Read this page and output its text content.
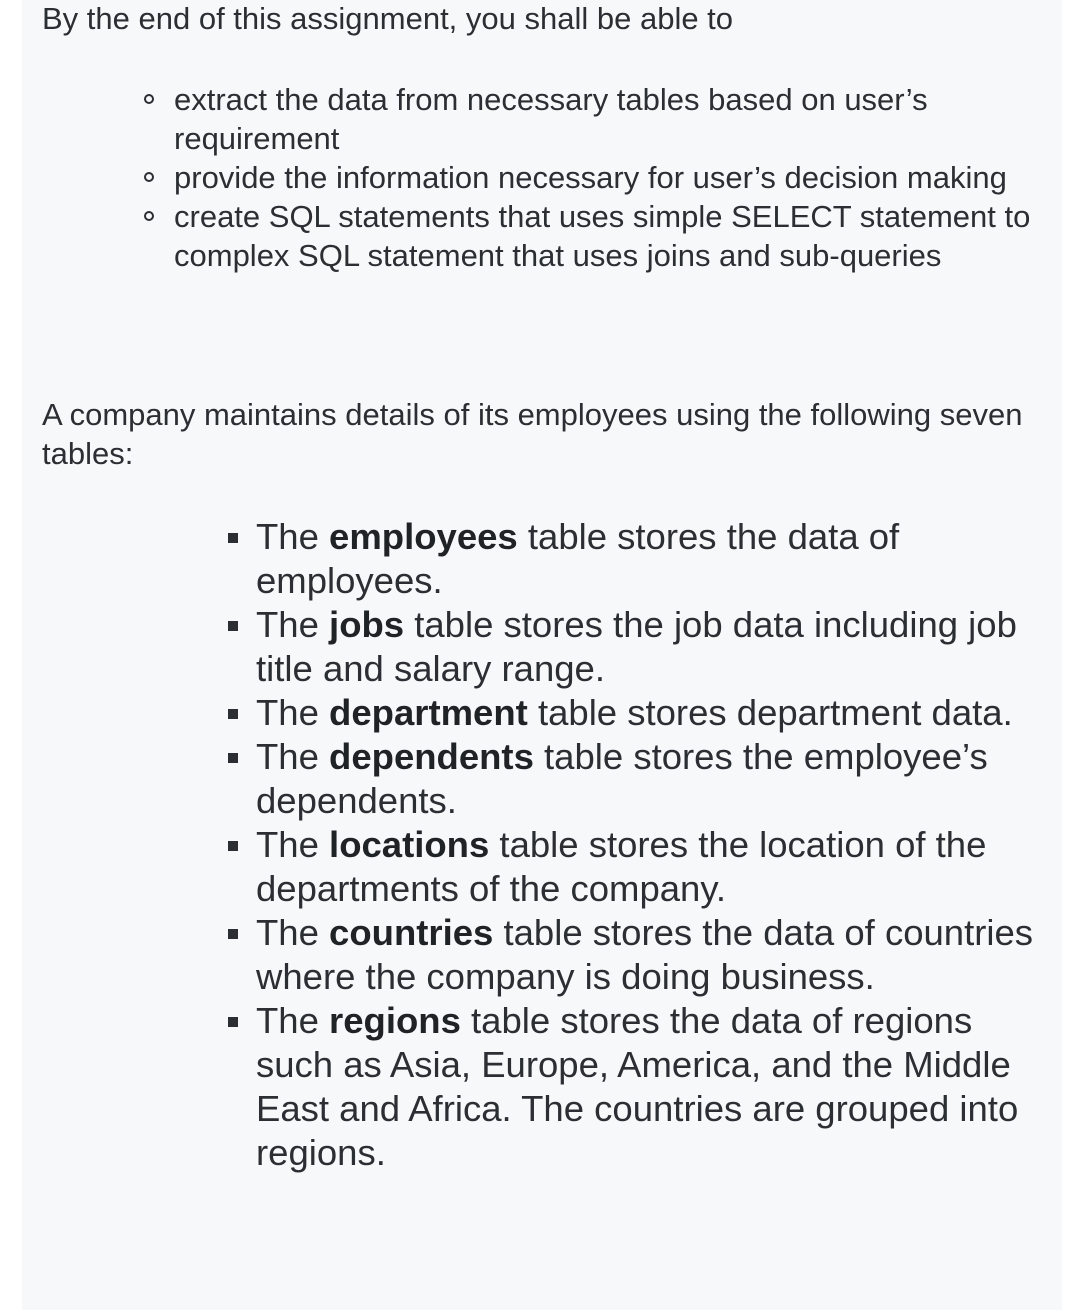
By the end of this assignment, you shall be able to

extract the data from necessary tables based on user’s requirement
provide the information necessary for user’s decision making
create SQL statements that uses simple SELECT statement to complex SQL statement that uses joins and sub-queries

A company maintains details of its employees using the following seven tables:

The employees table stores the data of employees.
The jobs table stores the job data including job title and salary range.
The department table stores department data.
The dependents table stores the employee’s dependents.
The locations table stores the location of the departments of the company.
The countries table stores the data of countries where the company is doing business.
The regions table stores the data of regions such as Asia, Europe, America, and the Middle East and Africa. The countries are grouped into regions.
